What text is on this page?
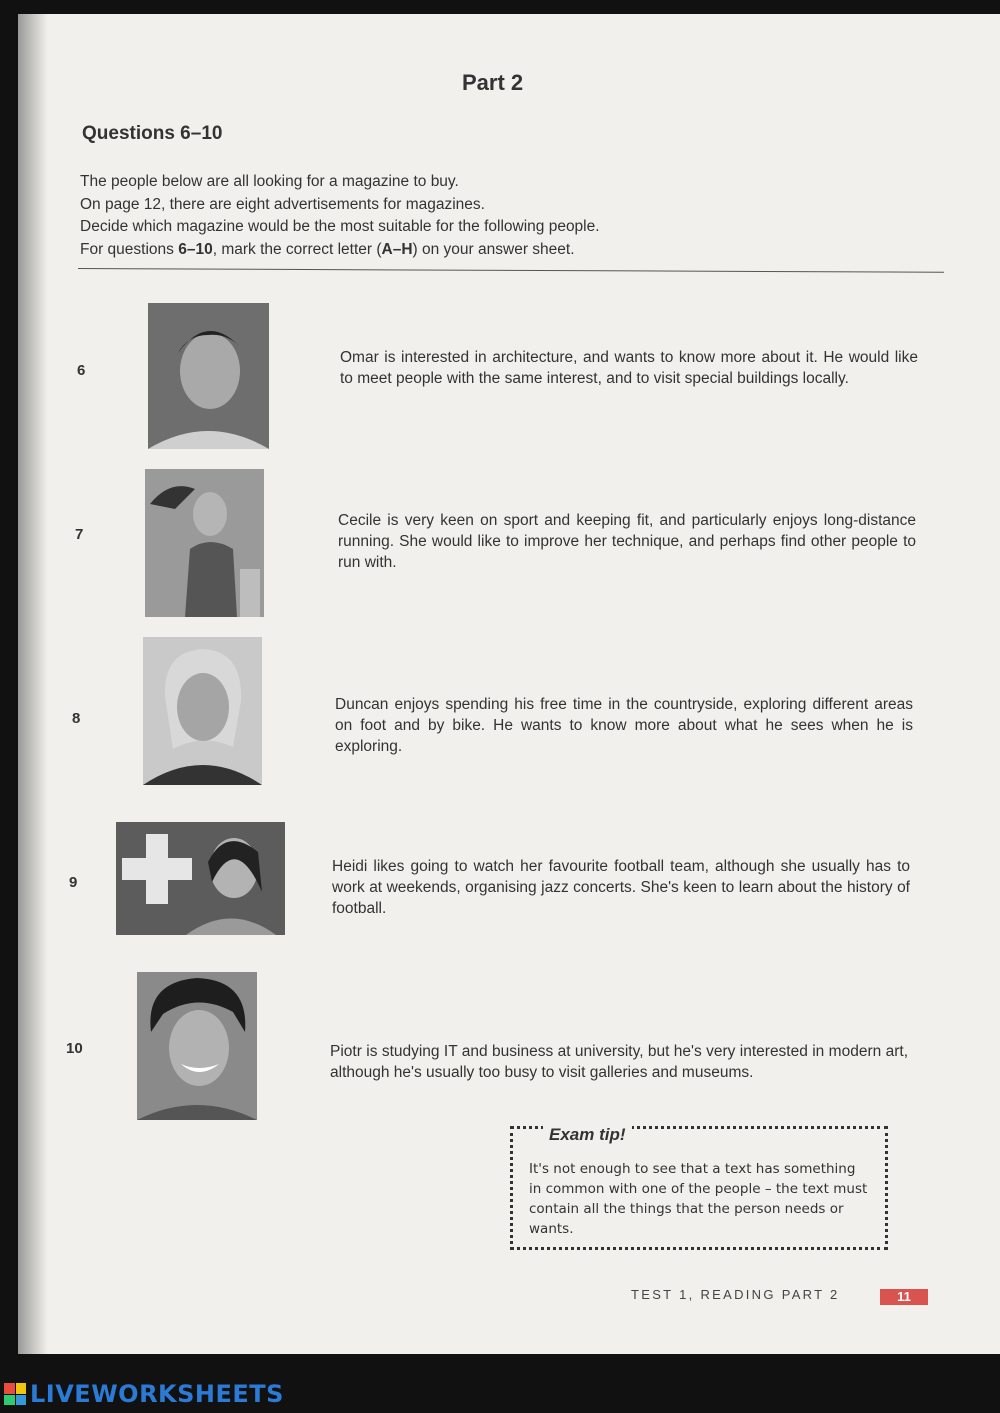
Part 2
Questions 6–10

The people below are all looking for a magazine to buy.

On page 12, there are eight advertisements for magazines.

Decide which magazine would be the most suitable for the following people.

For questions 6–10, mark the correct letter (A–H) on your answer sheet.

6
Omar is interested in architecture, and wants to know more about it. He would like to meet people with the same interest, and to visit special buildings locally.
7
Cecile is very keen on sport and keeping fit, and particularly enjoys long-distance running. She would like to improve her technique, and perhaps find other people to run with.
8
Duncan enjoys spending his free time in the countryside, exploring different areas on foot and by bike. He wants to know more about what he sees when he is exploring.
9
Heidi likes going to watch her favourite football team, although she usually has to work at weekends, organising jazz concerts. She's keen to learn about the history of football.
10	Piotr is studying IT and business at university, but he's very interested in modern art, although he's usually too busy to visit galleries and museums.
Exam tip!
It's not enough to see that a text has something in common with one of the people – the text must contain all the things that the person needs or wants.
TEST 1, READING PART 2	11
LIVEWORKSHEETS
